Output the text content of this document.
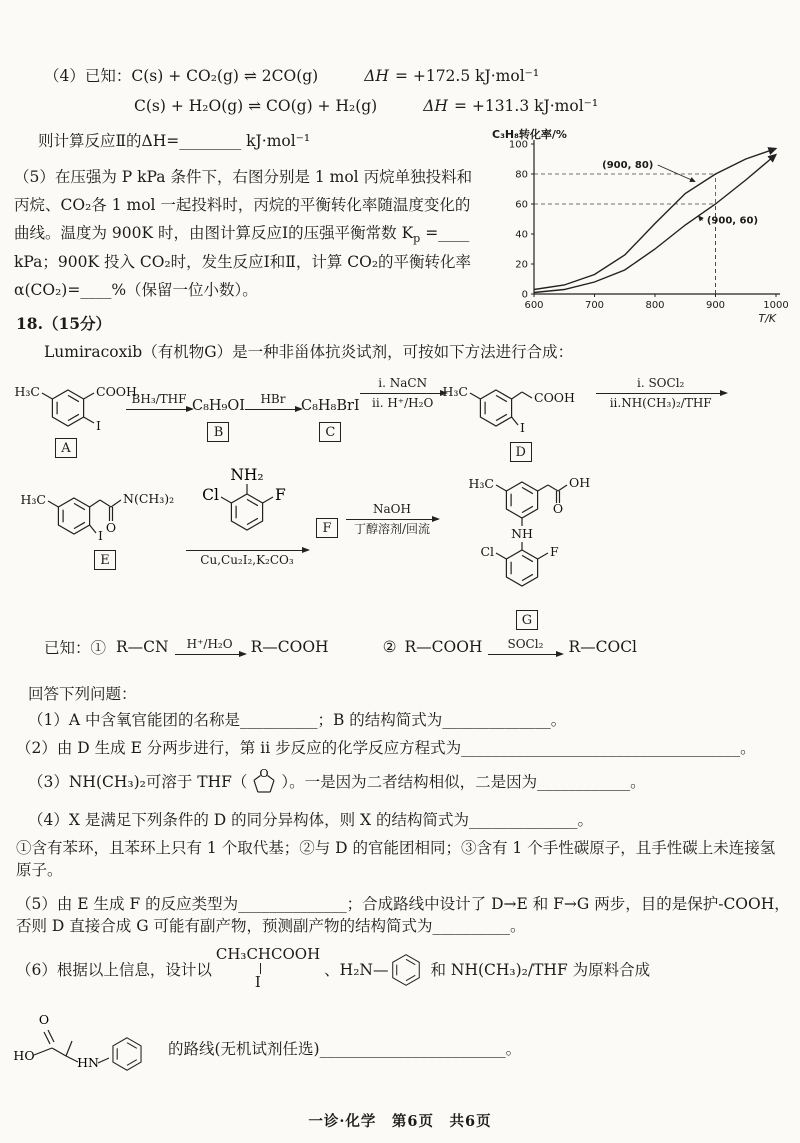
（4）已知： C(s) + CO₂(g) ⇌ 2CO(g)	ΔH = +172.5 kJ·mol⁻¹
C(s) + H₂O(g) ⇌ CO(g) + H₂(g)	ΔH = +131.3 kJ·mol⁻¹
0
20
40
60
80
100
600	700	800	900	1000
(900, 80)
(900, 60)
C₃H₈转化率/%
T/K

则计算反应Ⅱ的ΔH=________ kJ·mol⁻¹

（5）在压强为 P kPa 条件下，右图分别是 1 mol 丙烷单独投料和丙烷、CO₂各 1 mol 一起投料时，丙烷的平衡转化率随温度变化的曲线。温度为 900K 时，由图计算反应Ⅰ的压强平衡常数 $K_p$ =____ kPa；900K 投入 CO₂时，发生反应Ⅰ和Ⅱ，计算 CO₂的平衡转化率α(CO₂)=____%（保留一位小数）。

18.（15分）
Lumiracoxib（有机物G）是一种非甾体抗炎试剂，可按如下方法进行合成：
H₃C	COOH
I
A
BH₃/THF C₈H₉OI
B
HBr C₈H₈BrI
C
i. NaCN
ii. H⁺/H₂O
H₃C	COOH
I
D
i. SOCl₂
ii.NH(CH₃)₂/THF
H₃C
O
N(CH₃)₂
I
E
NH₂
Cl	F
Cu,Cu₂I₂,K₂CO₃
F
NaOH
丁醇溶剂/回流
H₃C
O
OH
NH
Cl	F
G
已知：① R—CN H⁺/H₂O R—COOH	② R—COOH SOCl₂ R—COCl
回答下列问题：
（1）A 中含氧官能团的名称是__________；B 的结构简式为______________。
（2）由 D 生成 E 分两步进行，第 ii 步反应的化学反应方程式为____________________________________。
（3）NH(CH₃)₂可溶于 THF（ O ）。一是因为二者结构相似，二是因为____________。
（4）X 是满足下列条件的 D 的同分异构体，则 X 的结构简式为______________。
①含有苯环，且苯环上只有 1 个取代基；②与 D 的官能团相同；③含有 1 个手性碳原子，且手性碳上未连接氢原子。
（5）由 E 生成 F 的反应类型为______________；合成路线中设计了 D→E 和 F→G 两步，目的是保护-COOH，否则 D 直接合成 G 可能有副产物，预测副产物的结构简式为__________。
（6）根据以上信息，设计以
CH₃CHCOOH
I
、H₂N—	和 NH(CH₃)₂/THF 为原料合成
O
HO	HN
的路线(无机试剂任选)________________________。
一诊·化学　第6页　共6页
